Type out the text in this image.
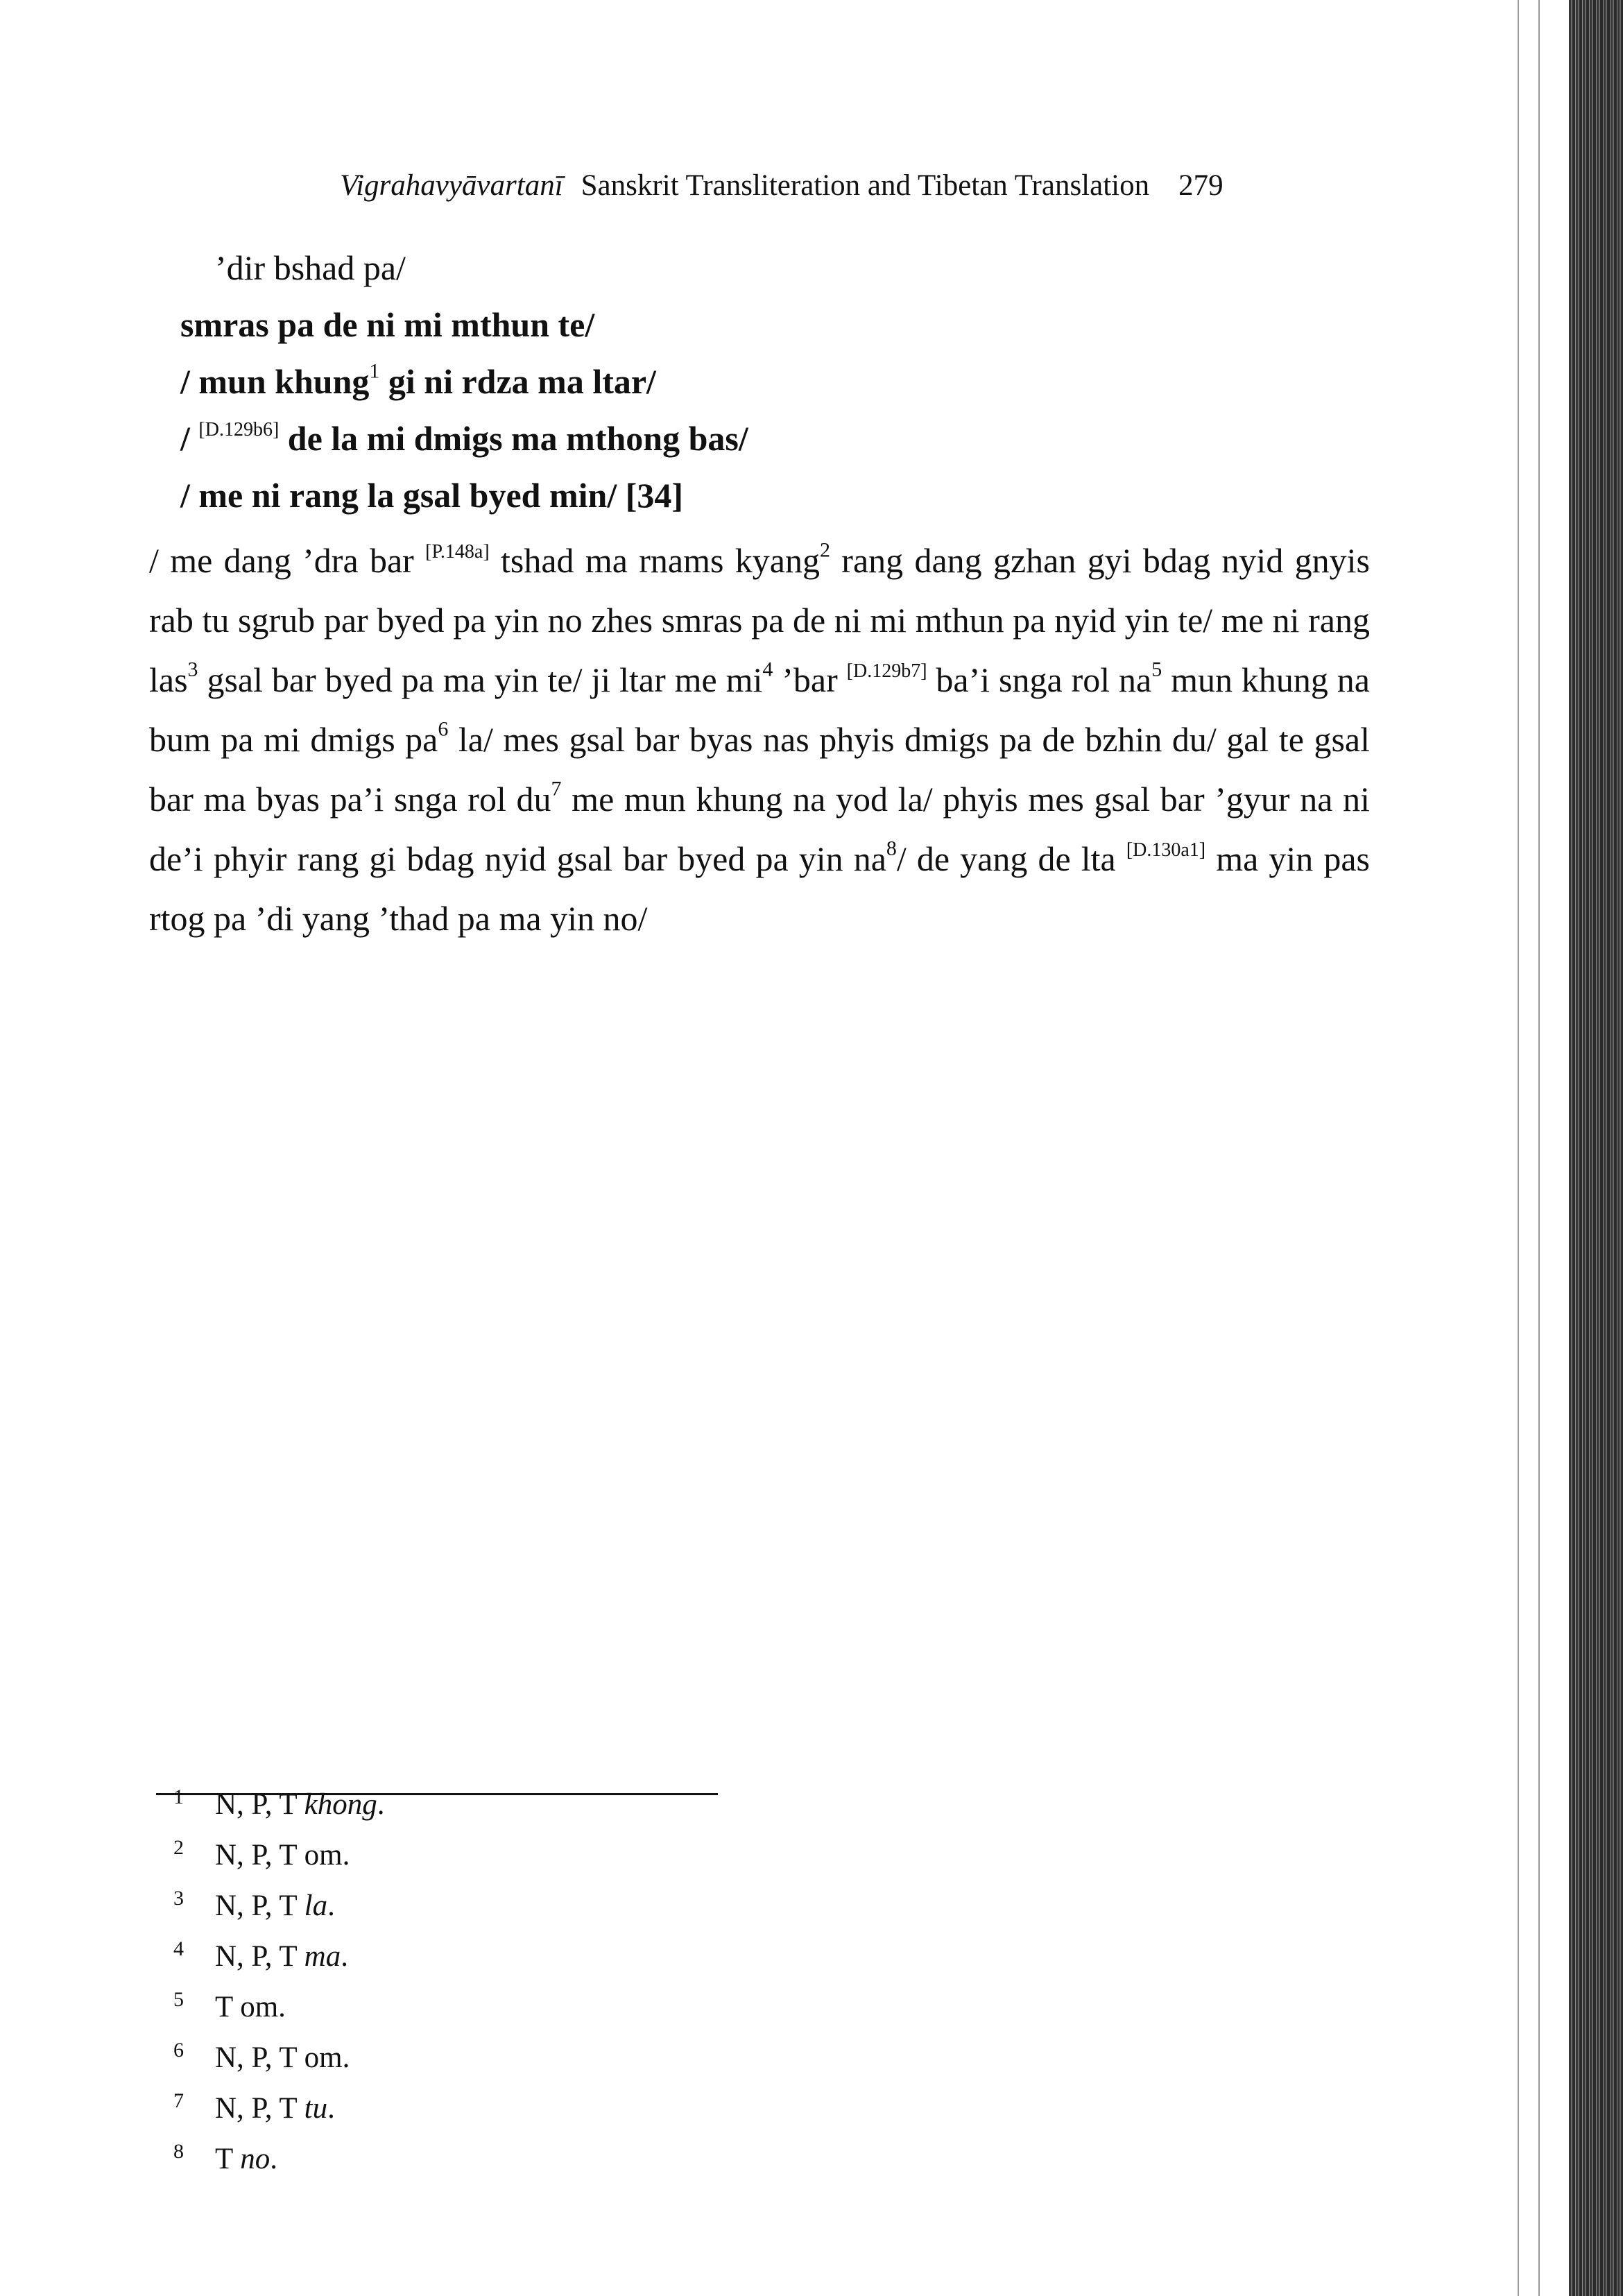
Vigrahavyāvartanī Sanskrit Transliteration and Tibetan Translation 279
’dir bshad pa/
smras pa de ni mi mthun te/
/ mun khung$^1$ gi ni rdza ma ltar/
/ [D.129b6] de la mi dmigs ma mthong bas/
/ me ni rang la gsal byed min/ [34]
/ me dang ’dra bar [P.148a] tshad ma rnams kyang$^2$ rang dang gzhan gyi bdag nyid gnyis rab tu sgrub par byed pa yin no zhes smras pa de ni mi mthun pa nyid yin te/ me ni rang las$^3$ gsal bar byed pa ma yin te/ ji ltar me $mi^4$ ’bar [D.129b7] ba’i snga rol $na^5$ mun khung na bum pa mi dmigs $pa^6$ la/ mes gsal bar byas nas phyis dmigs pa de bzhin du/ gal te gsal bar ma byas pa’i snga rol $du^7$ me mun khung na yod la/ phyis mes gsal bar ’gyur na ni de’i phyir rang gi bdag nyid gsal bar byed pa yin $na^8/$ de yang de lta [D.130a1] ma yin pas rtog pa ’di yang ’thad pa ma yin no/
1 N, P, T khong.
2 N, P, T om.
3 N, P, T la.
4 N, P, T ma.
5 T om.
6 N, P, T om.
7 N, P, T tu.
8 T no.
